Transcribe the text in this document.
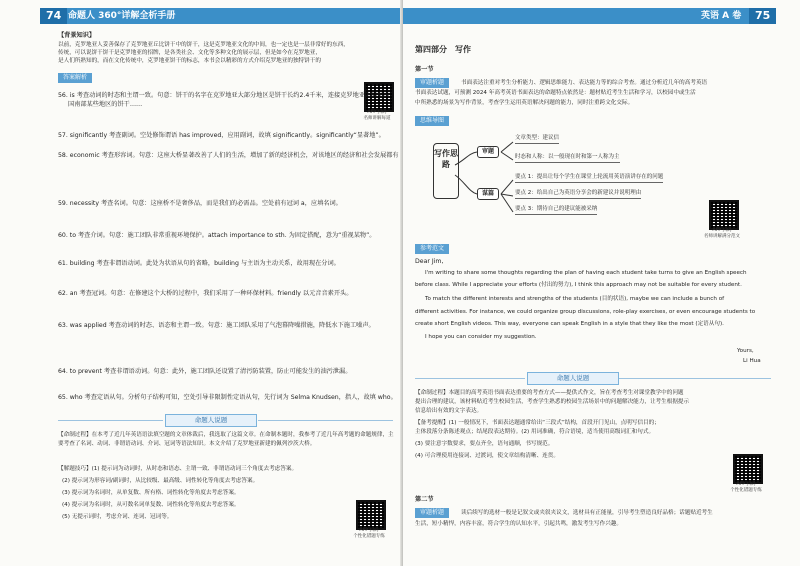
74 命题人 360°详解全析手册
【背景知识】
以前，克罗地亚人妥善保存了克罗地亚丘比饼干中的饼干，这是克罗地亚文化的中间，也一定也是一层非常好的东西，
传统，可以说饼干饼干是克罗地亚的招牌，是各类社会、文化等多种文化的展示层，但是如今在克罗地亚，
是人们所熟知的，而在文化传统中，克罗地亚饼干的标志，本书会以精彩的方式介绍克罗地亚的独特饼干的
答案解析
APP 扫码
名师讲解每道
56. is 考查动词的时态和主谓一致。句意：饼干的名字在克罗地亚大部分地区是饼干长约2.4千米，连接克罗地亚大陆和该
国南部某些地区的饼干……
57. significantly 考查副词。空处修饰谓语 has improved，应用副词，故填 significantly。significantly“显著地”。
58. economic 考查形容词。句意：这座大桥显著改善了人们的生活，增加了新的经济机会，对该地区的经济和社会发展都有
59. necessity 考查名词。句意：这座桥不是奢侈品，而是我们的必需品。空处前有冠词 a，应填名词。
60. to 考查介词。句意：施工团队非常重视环境保护。attach importance to sth. 为固定搭配，意为“重视某物”。
61. building 考查非谓语动词。此处为状语从句的省略，building 与主语为主动关系，故用现在分词。
62. an 考查冠词。句意：在修建这个大桥的过程中，我们采用了一种环保材料。friendly 以元音音素开头。
63. was applied 考查动词的时态、语态和主谓一致。句意：施工团队采用了气泡幕降噪措施，降低水下施工噪声。
64. to prevent 考查非谓语动词。句意：此外，施工团队还设置了清污防装置，防止可能发生的油污泄漏。
65. who 考查定语从句。分析句子结构可知，空处引导非限制性定语从句，先行词为 Selma Knudsen，指人，故填 who。
命题人说题
【命制过程】在本考了近几年英语语法填空题的文章体裁后，我选取了这篇文章。在命制本题时，我参考了近几年高考题的命题规律，主
要考查了名词、动词、非谓语动词、介词、冠词等语法知识。本文介绍了克罗地亚新建的佩列沙茨大桥。
【解题技巧】(1) 提示词为动词时，从时态和语态、主谓一致、非谓语动词三个角度去考虑答案。
(2) 提示词为形容词/副词时，从比较级、最高级、词性转化等角度去考虑答案。
(3) 提示词为名词时，从单复数、所有格、词性转化等角度去考虑答案。
(4) 提示词为名词时，从可数名词单复数、词性转化等角度去考虑答案。
(5) 无提示词时，考虑介词、连词、冠词等。
APP 扫码
个性化错题专练
英语 A 卷	75
第四部分　写作
第一节
审题析题	书面表达注重对考生分析能力、逻辑思维能力、表达能力等的综合考查。通过分析近几年的高考英语
书面表达试题，可预测 2024 年高考英语书面表达的命题特点依然是：题材贴近考生生活和学习，以校园中或生活
中所熟悉的场景为写作背景，考查学生运用英语解决问题的能力，同时注重跨文化交际。
思维导图
写作思路
审题
谋篇
文章类型：建议信
时态和人称：以一般现在时和第一人称为主
要点 1：提出让每个学生在课堂上轮流用英语演讲存在的问题
要点 2：给出自己为英语分享会的新建议并说明理由
要点 3：期待自己的建议能被采纳
APP 扫码
名师讲解满分范文
参考范文
Dear Jim,
I'm writing to share some thoughts regarding the plan of having each student take turns to give an English speech
before class. While I appreciate your efforts (付出的努力), I think this approach may not be suitable for every student.
To match the different interests and strengths of the students (目的状语), maybe we can include a bunch of
different activities. For instance, we could organize group discussions, role-play exercises, or even encourage students to
create short English videos. This way, everyone can speak English in a style that they like the most (定语从句).
I hope you can consider my suggestion.
Yours,
Li Hua
命题人说题
【命制过程】本题目的高考英语书面表达重要的考查方式——提供式作文，旨在考查考生对课堂教学中的问题
提出合理的建议，该材料贴近考生校园生活，考查学生熟悉的校园生活场景中的问题解决能力，让考生根据提示
信息给出有效的文字表达。
【备考提醒】(1) 一般情况下，书面表达题通常给出“三段式”结构，首段开门见山，点明写信目的；
主体段落分条陈述观点；结尾段表达期待。(2) 用词准确，符合语境，适当使用高级词汇和句式。
(3) 要注意字数要求，要点齐全，语句通顺，书写规范。
(4) 可合理使用连接词、过渡词，使文章结构清晰、连贯。
APP 扫码
个性化错题专练
第二节
审题析题	读后续写的选材一般是记叙文或夹叙夹议文，选材具有正能量，引导考生塑造良好品格；话题贴近考生
生活，短小精悍，内容丰富，符合学生的认知水平，引起共鸣，激发考生写作兴趣。
